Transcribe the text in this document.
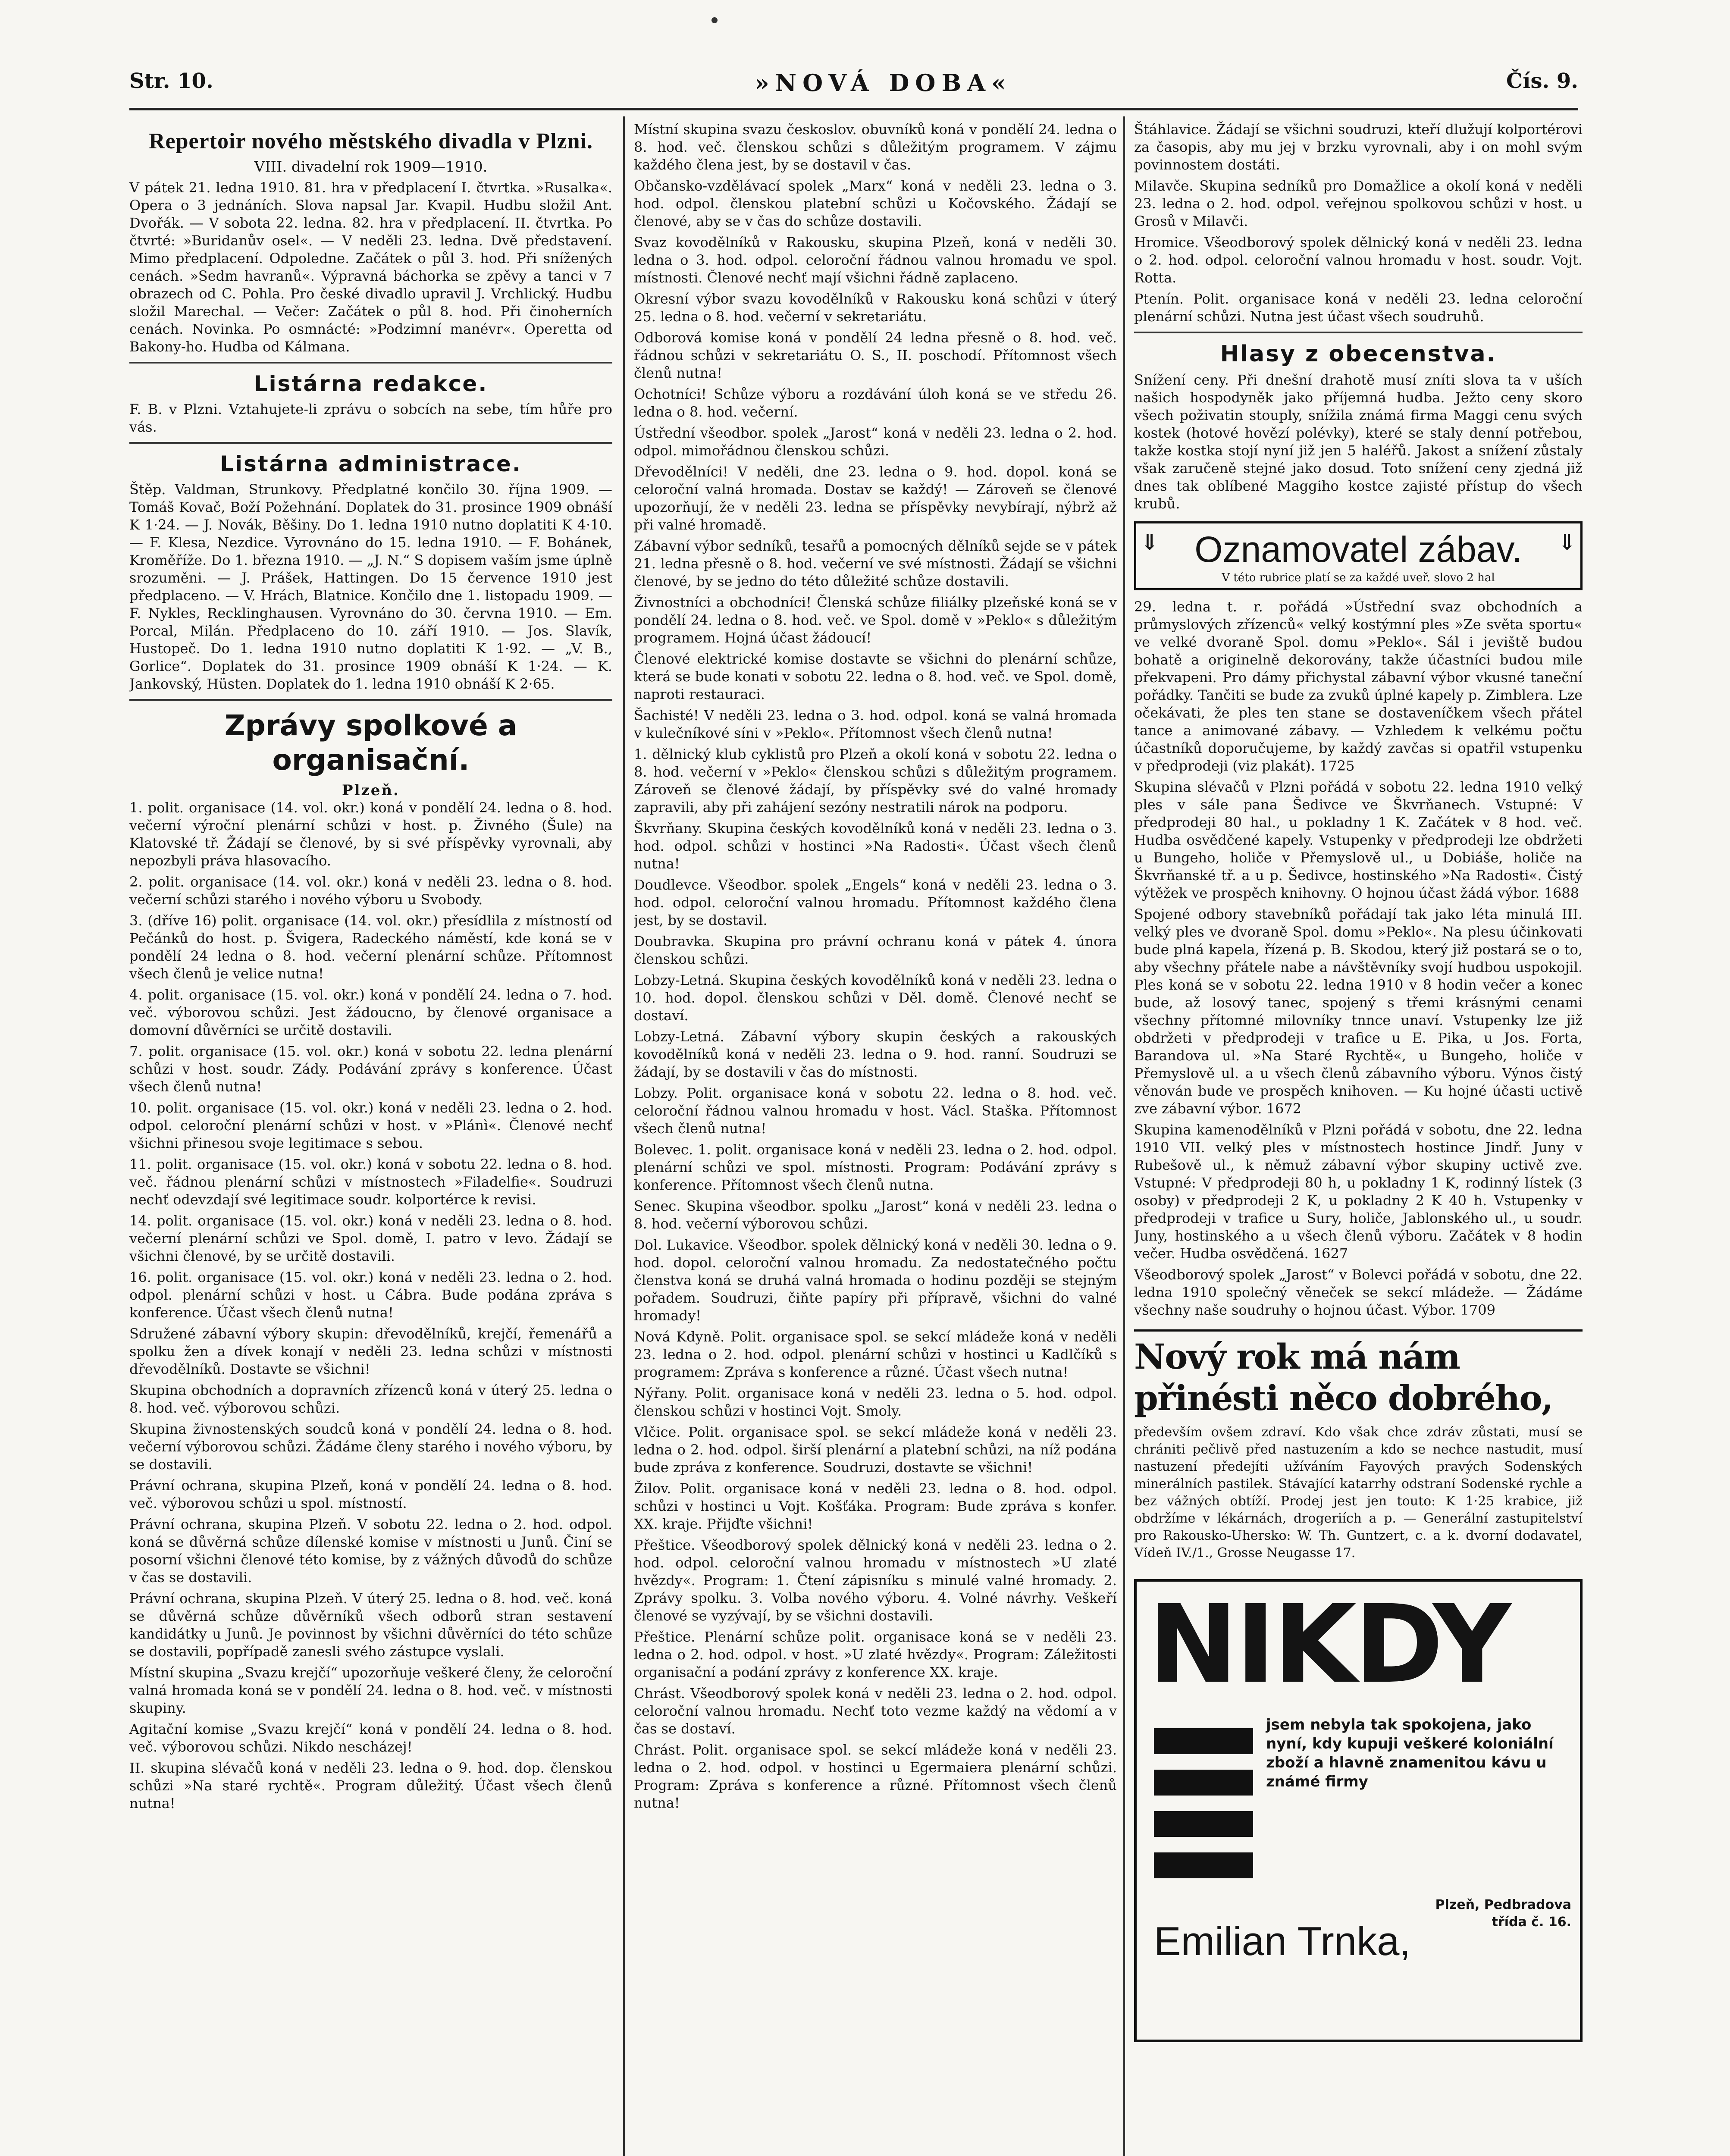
Str. 10.	»NOVÁ DOBA«	Čís. 9.
Repertoir nového městského divadla v Plzni.
VIII. divadelní rok 1909—1910.

V pátek 21. ledna 1910. 81. hra v předplacení I. čtvrtka. »Rusalka«. Opera o 3 jednáních. Slova napsal Jar. Kvapil. Hudbu složil Ant. Dvořák. — V sobota 22. ledna. 82. hra v předplacení. II. čtvrtka. Po čtvrté: »Buridanův osel«. — V neděli 23. ledna. Dvě představení. Mimo předplacení. Odpoledne. Začátek o půl 3. hod. Při snížených cenách. »Sedm havranů«. Výpravná báchorka se zpěvy a tanci v 7 obrazech od C. Pohla. Pro české divadlo upravil J. Vrchlický. Hudbu složil Marechal. — Večer: Začátek o půl 8. hod. Při činoherních cenách. Novinka. Po osmnácté: »Podzimní manévr«. Operetta od Bakony-ho. Hudba od Kálmana.

Listárna redakce.

F. B. v Plzni. Vztahujete-li zprávu o sobcích na sebe, tím hůře pro vás.

Listárna administrace.

Štěp. Valdman, Strunkovy. Předplatné končilo 30. října 1909. — Tomáš Kovač, Boží Požehnání. Doplatek do 31. prosince 1909 obnáší K 1·24. — J. Novák, Běšiny. Do 1. ledna 1910 nutno doplatiti K 4·10. — F. Klesa, Nezdice. Vyrovnáno do 15. ledna 1910. — F. Bohánek, Kroměříže. Do 1. března 1910. — „J. N.“ S dopisem vaším jsme úplně srozuměni. — J. Prášek, Hattingen. Do 15 července 1910 jest předplaceno. — V. Hrách, Blatnice. Končilo dne 1. listopadu 1909. — F. Nykles, Recklinghausen. Vyrovnáno do 30. června 1910. — Em. Porcal, Milán. Předplaceno do 10. září 1910. — Jos. Slavík, Hustopeč. Do 1. ledna 1910 nutno doplatiti K 1·92. — „V. B., Gorlice“. Doplatek do 31. prosince 1909 obnáší K 1·24. — K. Jankovský, Hüsten. Doplatek do 1. ledna 1910 obnáší K 2·65.

Zprávy spolkové a organisační.
Plzeň.

1. polit. organisace (14. vol. okr.) koná v pondělí 24. ledna o 8. hod. večerní výroční plenární schůzi v host. p. Živného (Šule) na Klatovské tř. Žádají se členové, by si své příspěvky vyrovnali, aby nepozbyli práva hlasovacího.

2. polit. organisace (14. vol. okr.) koná v neděli 23. ledna o 8. hod. večerní schůzi starého i nového výboru u Svobody.

3. (dříve 16) polit. organisace (14. vol. okr.) přesídlila z místností od Pečánků do host. p. Švigera, Radeckého náměstí, kde koná se v pondělí 24 ledna o 8. hod. večerní plenární schůze. Přítomnost všech členů je velice nutna!

4. polit. organisace (15. vol. okr.) koná v pondělí 24. ledna o 7. hod. več. výborovou schůzi. Jest žádoucno, by členové organisace a domovní důvěrníci se určitě dostavili.

7. polit. organisace (15. vol. okr.) koná v sobotu 22. ledna plenární schůzi v host. soudr. Zády. Podávání zprávy s konference. Účast všech členů nutna!

10. polit. organisace (15. vol. okr.) koná v neděli 23. ledna o 2. hod. odpol. celoroční plenární schůzi v host. v »Plánì«. Členové nechť všichni přinesou svoje legitimace s sebou.

11. polit. organisace (15. vol. okr.) koná v sobotu 22. ledna o 8. hod. več. řádnou plenární schůzi v místnostech »Filadelfie«. Soudruzi nechť odevzdají své legitimace soudr. kolportérce k revisi.

14. polit. organisace (15. vol. okr.) koná v neděli 23. ledna o 8. hod. večerní plenární schůzi ve Spol. domě, I. patro v levo. Žádají se všichni členové, by se určitě dostavili.

16. polit. organisace (15. vol. okr.) koná v neděli 23. ledna o 2. hod. odpol. plenární schůzi v host. u Cábra. Bude podána zpráva s konference. Účast všech členů nutna!

Sdružené zábavní výbory skupin: dřevodělníků, krejčí, řemenářů a spolku žen a dívek konají v neděli 23. ledna schůzi v místnosti dřevodělníků. Dostavte se všichni!

Skupina obchodních a dopravních zřízenců koná v úterý 25. ledna o 8. hod. več. výborovou schůzi.

Skupina živnostenských soudců koná v pondělí 24. ledna o 8. hod. večerní výborovou schůzi. Žádáme členy starého i nového výboru, by se dostavili.

Právní ochrana, skupina Plzeň, koná v pondělí 24. ledna o 8. hod. več. výborovou schůzi u spol. místností.

Právní ochrana, skupina Plzeň. V sobotu 22. ledna o 2. hod. odpol. koná se důvěrná schůze dílenské komise v místnosti u Junů. Činí se posorní všichni členové této komise, by z vážných důvodů do schůze v čas se dostavili.

Právní ochrana, skupina Plzeň. V úterý 25. ledna o 8. hod. več. koná se důvěrná schůze důvěrníků všech odborů stran sestavení kandidátky u Junů. Je povinnost by všichni důvěrníci do této schůze se dostavili, popřípadě zanesli svého zástupce vyslali.

Místní skupina „Svazu krejčí“ upozorňuje veškeré členy, že celoroční valná hromada koná se v pondělí 24. ledna o 8. hod. več. v místnosti skupiny.

Agitační komise „Svazu krejčí“ koná v pondělí 24. ledna o 8. hod. več. výborovou schůzi. Nikdo nescházej!

II. skupina slévačů koná v neděli 23. ledna o 9. hod. dop. členskou schůzi »Na staré rychtě«. Program důležitý. Účast všech členů nutna!

Místní skupina svazu českoslov. obuvníků koná v pondělí 24. ledna o 8. hod. več. členskou schůzi s důležitým programem. V zájmu každého člena jest, by se dostavil v čas.

Občansko-vzdělávací spolek „Marx“ koná v neděli 23. ledna o 3. hod. odpol. členskou platební schůzi u Kočovského. Žádají se členové, aby se v čas do schůze dostavili.

Svaz kovodělníků v Rakousku, skupina Plzeň, koná v neděli 30. ledna o 3. hod. odpol. celoroční řádnou valnou hromadu ve spol. místnosti. Členové nechť mají všichni řádně zaplaceno.

Okresní výbor svazu kovodělníků v Rakousku koná schůzi v úterý 25. ledna o 8. hod. večerní v sekretariátu.

Odborová komise koná v pondělí 24 ledna přesně o 8. hod. več. řádnou schůzi v sekretariátu O. S., II. poschodí. Přítomnost všech členů nutna!

Ochotníci! Schůze výboru a rozdávání úloh koná se ve středu 26. ledna o 8. hod. večerní.

Ústřední všeodbor. spolek „Jarost“ koná v neděli 23. ledna o 2. hod. odpol. mimořádnou členskou schůzi.

Dřevodělníci! V neděli, dne 23. ledna o 9. hod. dopol. koná se celoroční valná hromada. Dostav se každý! — Zároveň se členové upozorňují, že v neděli 23. ledna se příspěvky nevybírají, nýbrž až při valné hromadě.

Zábavní výbor sedníků, tesařů a pomocných dělníků sejde se v pátek 21. ledna přesně o 8. hod. večerní ve své místnosti. Žádají se všichni členové, by se jedno do této důležité schůze dostavili.

Živnostníci a obchodníci! Členská schůze filiálky plzeňské koná se v pondělí 24. ledna o 8. hod. več. ve Spol. domě v »Peklo« s důležitým programem. Hojná účast žádoucí!

Členové elektrické komise dostavte se všichni do plenární schůze, která se bude konati v sobotu 22. ledna o 8. hod. več. ve Spol. domě, naproti restauraci.

Šachisté! V neděli 23. ledna o 3. hod. odpol. koná se valná hromada v kulečníkové síni v »Peklo«. Přítomnost všech členů nutna!

1. dělnický klub cyklistů pro Plzeň a okolí koná v sobotu 22. ledna o 8. hod. večerní v »Peklo« členskou schůzi s důležitým programem. Zároveň se členové žádají, by příspěvky své do valné hromady zapravili, aby při zahájení sezóny nestratili nárok na podporu.

Škvrňany. Skupina českých kovodělníků koná v neděli 23. ledna o 3. hod. odpol. schůzi v hostinci »Na Radosti«. Účast všech členů nutna!

Doudlevce. Všeodbor. spolek „Engels“ koná v neděli 23. ledna o 3. hod. odpol. celoroční valnou hromadu. Přítomnost každého člena jest, by se dostavil.

Doubravka. Skupina pro právní ochranu koná v pátek 4. února členskou schůzi.

Lobzy-Letná. Skupina českých kovodělníků koná v neděli 23. ledna o 10. hod. dopol. členskou schůzi v Děl. domě. Členové nechť se dostaví.

Lobzy-Letná. Zábavní výbory skupin českých a rakouských kovodělníků koná v neděli 23. ledna o 9. hod. ranní. Soudruzi se žádají, by se dostavili v čas do místnosti.

Lobzy. Polit. organisace koná v sobotu 22. ledna o 8. hod. več. celoroční řádnou valnou hromadu v host. Václ. Staška. Přítomnost všech členů nutna!

Bolevec. 1. polit. organisace koná v neděli 23. ledna o 2. hod. odpol. plenární schůzi ve spol. místnosti. Program: Podávání zprávy s konference. Přítomnost všech členů nutna.

Senec. Skupina všeodbor. spolku „Jarost“ koná v neděli 23. ledna o 8. hod. večerní výborovou schůzi.

Dol. Lukavice. Všeodbor. spolek dělnický koná v neděli 30. ledna o 9. hod. dopol. celoroční valnou hromadu. Za nedostatečného počtu členstva koná se druhá valná hromada o hodinu později se stejným pořadem. Soudruzi, čiňte papíry při přípravě, všichni do valné hromady!

Nová Kdyně. Polit. organisace spol. se sekcí mládeže koná v neděli 23. ledna o 2. hod. odpol. plenární schůzi v hostinci u Kadlčíků s programem: Zpráva s konference a různé. Účast všech nutna!

Nýřany. Polit. organisace koná v neděli 23. ledna o 5. hod. odpol. členskou schůzi v hostinci Vojt. Smoly.

Vlčice. Polit. organisace spol. se sekcí mládeže koná v neděli 23. ledna o 2. hod. odpol. širší plenární a platební schůzi, na níž podána bude zpráva z konference. Soudruzi, dostavte se všichni!

Žilov. Polit. organisace koná v neděli 23. ledna o 8. hod. odpol. schůzi v hostinci u Vojt. Košťáka. Program: Bude zpráva s konfer. XX. kraje. Přijďte všichni!

Přeštice. Všeodborový spolek dělnický koná v neděli 23. ledna o 2. hod. odpol. celoroční valnou hromadu v místnostech »U zlaté hvězdy«. Program: 1. Čtení zápisníku s minulé valné hromady. 2. Zprávy spolku. 3. Volba nového výboru. 4. Volné návrhy. Veškeří členové se vyzývají, by se všichni dostavili.

Přeštice. Plenární schůze polit. organisace koná se v neděli 23. ledna o 2. hod. odpol. v host. »U zlaté hvězdy«. Program: Záležitosti organisační a podání zprávy z konference XX. kraje.

Chrást. Všeodborový spolek koná v neděli 23. ledna o 2. hod. odpol. celoroční valnou hromadu. Nechť toto vezme každý na vědomí a v čas se dostaví.

Chrást. Polit. organisace spol. se sekcí mládeže koná v neděli 23. ledna o 2. hod. odpol. v hostinci u Egermaiera plenární schůzi. Program: Zpráva s konference a různé. Přítomnost všech členů nutna!

Štáhlavice. Žádají se všichni soudruzi, kteří dlužují kolportérovi za časopis, aby mu jej v brzku vyrovnali, aby i on mohl svým povinnostem dostáti.

Milavče. Skupina sedníků pro Domažlice a okolí koná v neděli 23. ledna o 2. hod. odpol. veřejnou spolkovou schůzi v host. u Grosů v Milavči.

Hromice. Všeodborový spolek dělnický koná v neděli 23. ledna o 2. hod. odpol. celoroční valnou hromadu v host. soudr. Vojt. Rotta.

Ptenín. Polit. organisace koná v neděli 23. ledna celoroční plenární schůzi. Nutna jest účast všech soudruhů.

Hlasy z obecenstva.

Snížení ceny. Při dnešní drahotě musí zníti slova ta v uších našich hospodyněk jako příjemná hudba. Ježto ceny skoro všech poživatin stouply, snížila známá firma Maggi cenu svých kostek (hotové hovězí polévky), které se staly denní potřebou, takže kostka stojí nyní již jen 5 haléřů. Jakost a snížení zůstaly však zaručeně stejné jako dosud. Toto snížení ceny zjedná již dnes tak oblíbené Maggiho kostce zajisté přístup do všech krubů.

⇓	⇓
Oznamovatel zábav.
V této rubrice platí se za každé uveř. slovo 2 hal

29. ledna t. r. pořádá »Ústřední svaz obchodních a průmyslových zřízenců« velký kostýmní ples »Ze světa sportu« ve velké dvoraně Spol. domu »Peklo«. Sál i jeviště budou bohatě a originelně dekorovány, takže účastníci budou mile překvapeni. Pro dámy přichystal zábavní výbor vkusné taneční pořádky. Tančiti se bude za zvuků úplné kapely p. Zimblera. Lze očekávati, že ples ten stane se dostaveníčkem všech přátel tance a animované zábavy. — Vzhledem k velkému počtu účastníků doporučujeme, by každý zavčas si opatřil vstupenku v předprodeji (viz plakát). 1725

Skupina slévačů v Plzni pořádá v sobotu 22. ledna 1910 velký ples v sále pana Šedivce ve Škvrňanech. Vstupné: V předprodeji 80 hal., u pokladny 1 K. Začátek v 8 hod. več. Hudba osvědčené kapely. Vstupenky v předprodeji lze obdržeti u Bungeho, holiče v Přemyslově ul., u Dobiáše, holiče na Škvrňanské tř. a u p. Šedivce, hostinského »Na Radosti«. Čistý výtěžek ve prospěch knihovny. O hojnou účast žádá výbor. 1688

Spojené odbory stavebníků pořádají tak jako léta minulá III. velký ples ve dvoraně Spol. domu »Peklo«. Na plesu účinkovati bude plná kapela, řízená p. B. Skodou, který již postará se o to, aby všechny přátele nabe a návštěvníky svojí hudbou uspokojil. Ples koná se v sobotu 22. ledna 1910 v 8 hodin večer a konec bude, až losový tanec, spojený s třemi krásnými cenami všechny přítomné milovníky tnnce unaví. Vstupenky lze již obdržeti v předprodeji v trafice u E. Pika, u Jos. Forta, Barandova ul. »Na Staré Rychtě«, u Bungeho, holiče v Přemyslově ul. a u všech členů zábavního výboru. Výnos čistý věnován bude ve prospěch knihoven. — Ku hojné účasti uctivě zve zábavní výbor. 1672

Skupina kamenodělníků v Plzni pořádá v sobotu, dne 22. ledna 1910 VII. velký ples v místnostech hostince Jindř. Juny v Rubešově ul., k němuž zábavní výbor skupiny uctivě zve. Vstupné: V předprodeji 80 h, u pokladny 1 K, rodinný lístek (3 osoby) v předprodeji 2 K, u pokladny 2 K 40 h. Vstupenky v předprodeji v trafice u Sury, holiče, Jablonského ul., u soudr. Juny, hostinského a u všech členů výboru. Začátek v 8 hodin večer. Hudba osvědčená. 1627

Všeodborový spolek „Jarost“ v Bolevci pořádá v sobotu, dne 22. ledna 1910 společný věneček se sekcí mládeže. — Žádáme všechny naše soudruhy o hojnou účast. Výbor. 1709

Nový rok má nám přinésti něco dobrého,

především ovšem zdraví. Kdo však chce zdráv zůstati, musí se chrániti pečlivě před nastuzením a kdo se nechce nastudit, musí nastuzení předejíti užíváním Fayových pravých Sodenských minerálních pastilek. Stávající katarrhy odstraní Sodenské rychle a bez vážných obtíží. Prodej jest jen touto: K 1·25 krabice, již obdržíme v lékárnách, drogeriích a p. — Generální zastupitelství pro Rakousko-Uhersko: W. Th. Guntzert, c. a k. dvorní dodavatel, Vídeň IV./1., Grosse Neugasse 17.

NIKDY
jsem nebyla tak spokojena, jako nyní, kdy kupuji veškeré koloniální zboží a hlavně znamenitou kávu u známé firmy
Plzeň, Pedbradova třída č. 16.
Emilian Trnka,
